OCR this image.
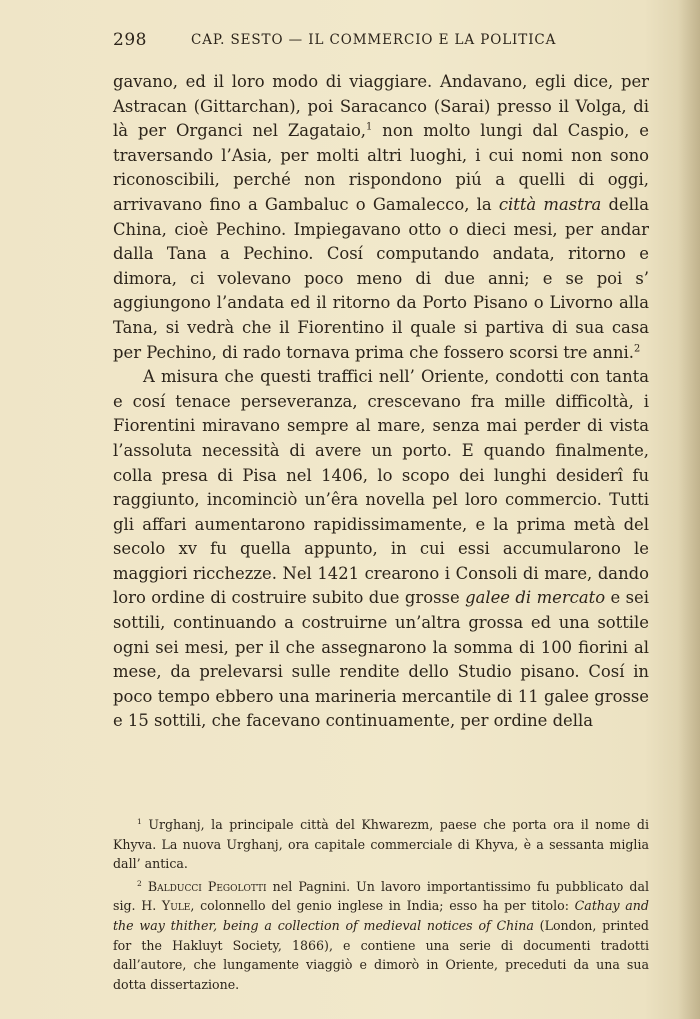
298	CAP. SESTO — IL COMMERCIO E LA POLITICA

gavano, ed il loro modo di viaggiare. Andavano, egli dice, per Astracan (Gittarchan), poi Saracanco (Sarai) presso il Volga, di là per Organci nel Zagataio,$^1$ non molto lungi dal Caspio, e traversando l’Asia, per molti altri luoghi, i cui nomi non sono riconoscibili, perché non rispondono piú a quelli di oggi, arrivavano fino a Gambaluc o Gamalecco, la città mastra della China, cioè Pechino. Impiegavano otto o dieci mesi, per andar dalla Tana a Pechino. Cosí computando andata, ritorno e dimora, ci volevano poco meno di due anni; e se poi s’ aggiungono l’andata ed il ritorno da Porto Pisano o Livorno alla Tana, si vedrà che il Fiorentino il quale si partiva di sua casa per Pechino, di rado tornava prima che fossero scorsi tre anni.$^2$

A misura che questi traffici nell’ Oriente, condotti con tanta e cosí tenace perseveranza, crescevano fra mille difficoltà, i Fiorentini miravano sempre al mare, senza mai perder di vista l’assoluta necessità di avere un porto. E quando finalmente, colla presa di Pisa nel 1406, lo scopo dei lunghi desiderî fu raggiunto, incominciò un’êra novella pel loro commercio. Tutti gli affari aumentarono rapidissimamente, e la prima metà del secolo xv fu quella appunto, in cui essi accumularono le maggiori ricchezze. Nel 1421 crearono i Consoli di mare, dando loro ordine di costruire subito due grosse galee di mercato e sei sottili, continuando a costruirne un’altra grossa ed una sottile ogni sei mesi, per il che assegnarono la somma di 100 fiorini al mese, da prelevarsi sulle rendite dello Studio pisano. Cosí in poco tempo ebbero una marineria mercantile di 11 galee grosse e 15 sottili, che facevano continuamente, per ordine della

$^1$ Urghanj, la principale città del Khwarezm, paese che porta ora il nome di Khyva. La nuova Urghanj, ora capitale commerciale di Khyva, è a sessanta miglia dall’ antica.

$^2$ Balducci Pegolotti nel Pagnini. Un lavoro importantissimo fu pubblicato dal sig. H. Yule, colonnello del genio inglese in India; esso ha per titolo: Cathay and the way thither, being a collection of medieval notices of China (London, printed for the Hakluyt Society, 1866), e contiene una serie di documenti tradotti dall’autore, che lungamente viaggiò e dimorò in Oriente, preceduti da una sua dotta dissertazione.
